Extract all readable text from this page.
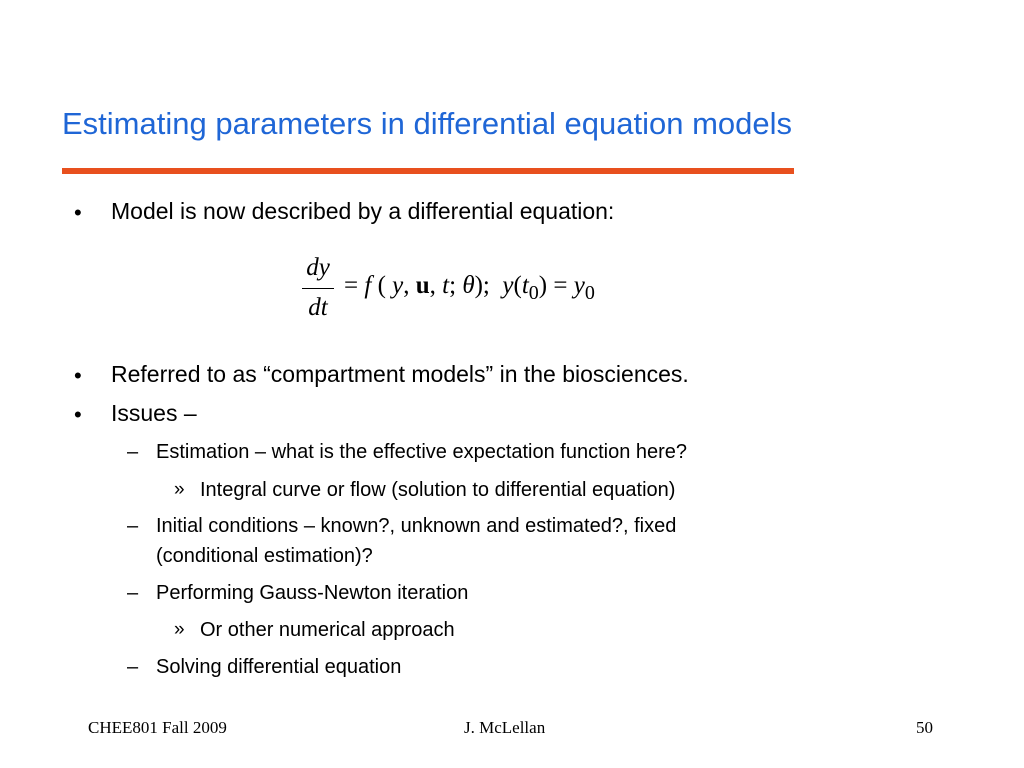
Estimating parameters in differential equation models
• Model is now described by a differential equation:
dy
dt
= f ( y, u, t; θ);  $y(t_0) = y_0$
• Referred to as “compartment models” in the biosciences.
• Issues –
– Estimation – what is the effective expectation function here?
» Integral curve or flow (solution to differential equation)
– Initial conditions – known?, unknown and estimated?, fixed
(conditional estimation)?
– Performing Gauss-Newton iteration
» Or other numerical approach
– Solving differential equation
CHEE801 Fall 2009	J. McLellan	50
